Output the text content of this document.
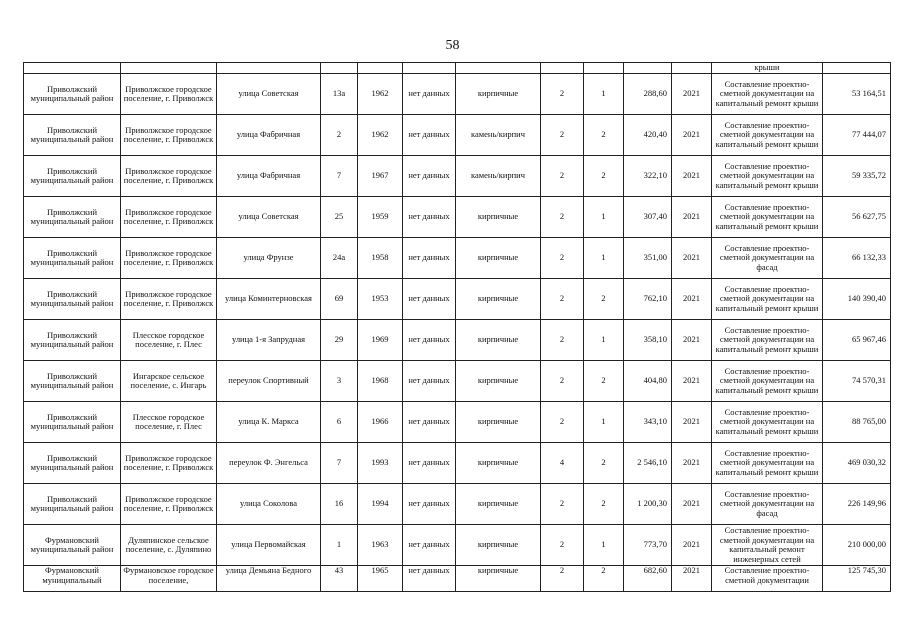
58
											крыши	
Приволжский муниципальный район	Приволжское городское поселение, г. Приволжск	улица Советская	13а	1962	нет данных	кирпичные	2	1	288,60	2021	Составление проектно-сметной документации на капитальный ремонт крыши	53 164,51
Приволжский муниципальный район	Приволжское городское поселение, г. Приволжск	улица Фабричная	2	1962	нет данных	камень/кирпич	2	2	420,40	2021	Составление проектно-сметной документации на капитальный ремонт крыши	77 444,07
Приволжский муниципальный район	Приволжское городское поселение, г. Приволжск	улица Фабричная	7	1967	нет данных	камень/кирпич	2	2	322,10	2021	Составление проектно-сметной документации на капитальный ремонт крыши	59 335,72
Приволжский муниципальный район	Приволжское городское поселение, г. Приволжск	улица Советская	25	1959	нет данных	кирпичные	2	1	307,40	2021	Составление проектно-сметной документации на капитальный ремонт крыши	56 627,75
Приволжский муниципальный район	Приволжское городское поселение, г. Приволжск	улица Фрунзе	24а	1958	нет данных	кирпичные	2	1	351,00	2021	Составление проектно-сметной документации на фасад	66 132,33
Приволжский муниципальный район	Приволжское городское поселение, г. Приволжск	улица Коминтерновская	69	1953	нет данных	кирпичные	2	2	762,10	2021	Составление проектно-сметной документации на капитальный ремонт крыши	140 390,40
Приволжский муниципальный район	Плесское городское поселение, г. Плес	улица 1-я Запрудная	29	1969	нет данных	кирпичные	2	1	358,10	2021	Составление проектно-сметной документации на капитальный ремонт крыши	65 967,46
Приволжский муниципальный район	Ингарское сельское поселение, с. Ингарь	переулок Спортивный	3	1968	нет данных	кирпичные	2	2	404,80	2021	Составление проектно-сметной документации на капитальный ремонт крыши	74 570,31
Приволжский муниципальный район	Плесское городское поселение, г. Плес	улица К. Маркса	6	1966	нет данных	кирпичные	2	1	343,10	2021	Составление проектно-сметной документации на капитальный ремонт крыши	88 765,00
Приволжский муниципальный район	Приволжское городское поселение, г. Приволжск	переулок Ф. Энгельса	7	1993	нет данных	кирпичные	4	2	2 546,10	2021	Составление проектно-сметной документации на капитальный ремонт крыши	469 030,32
Приволжский муниципальный район	Приволжское городское поселение, г. Приволжск	улица Соколова	16	1994	нет данных	кирпичные	2	2	1 200,30	2021	Составление проектно-сметной документации на фасад	226 149,96
Фурмановский муниципальный район	Дуляпинское сельское поселение, с. Дуляпино	улица Первомайская	1	1963	нет данных	кирпичные	2	1	773,70	2021	Составление проектно-сметной документации на капитальный ремонт инженерных сетей	210 000,00
Фурмановский муниципальный	Фурмановское городское поселение,	улица Демьяна Бедного	43	1965	нет данных	кирпичные	2	2	682,60	2021	Составление проектно-сметной документации	125 745,30
